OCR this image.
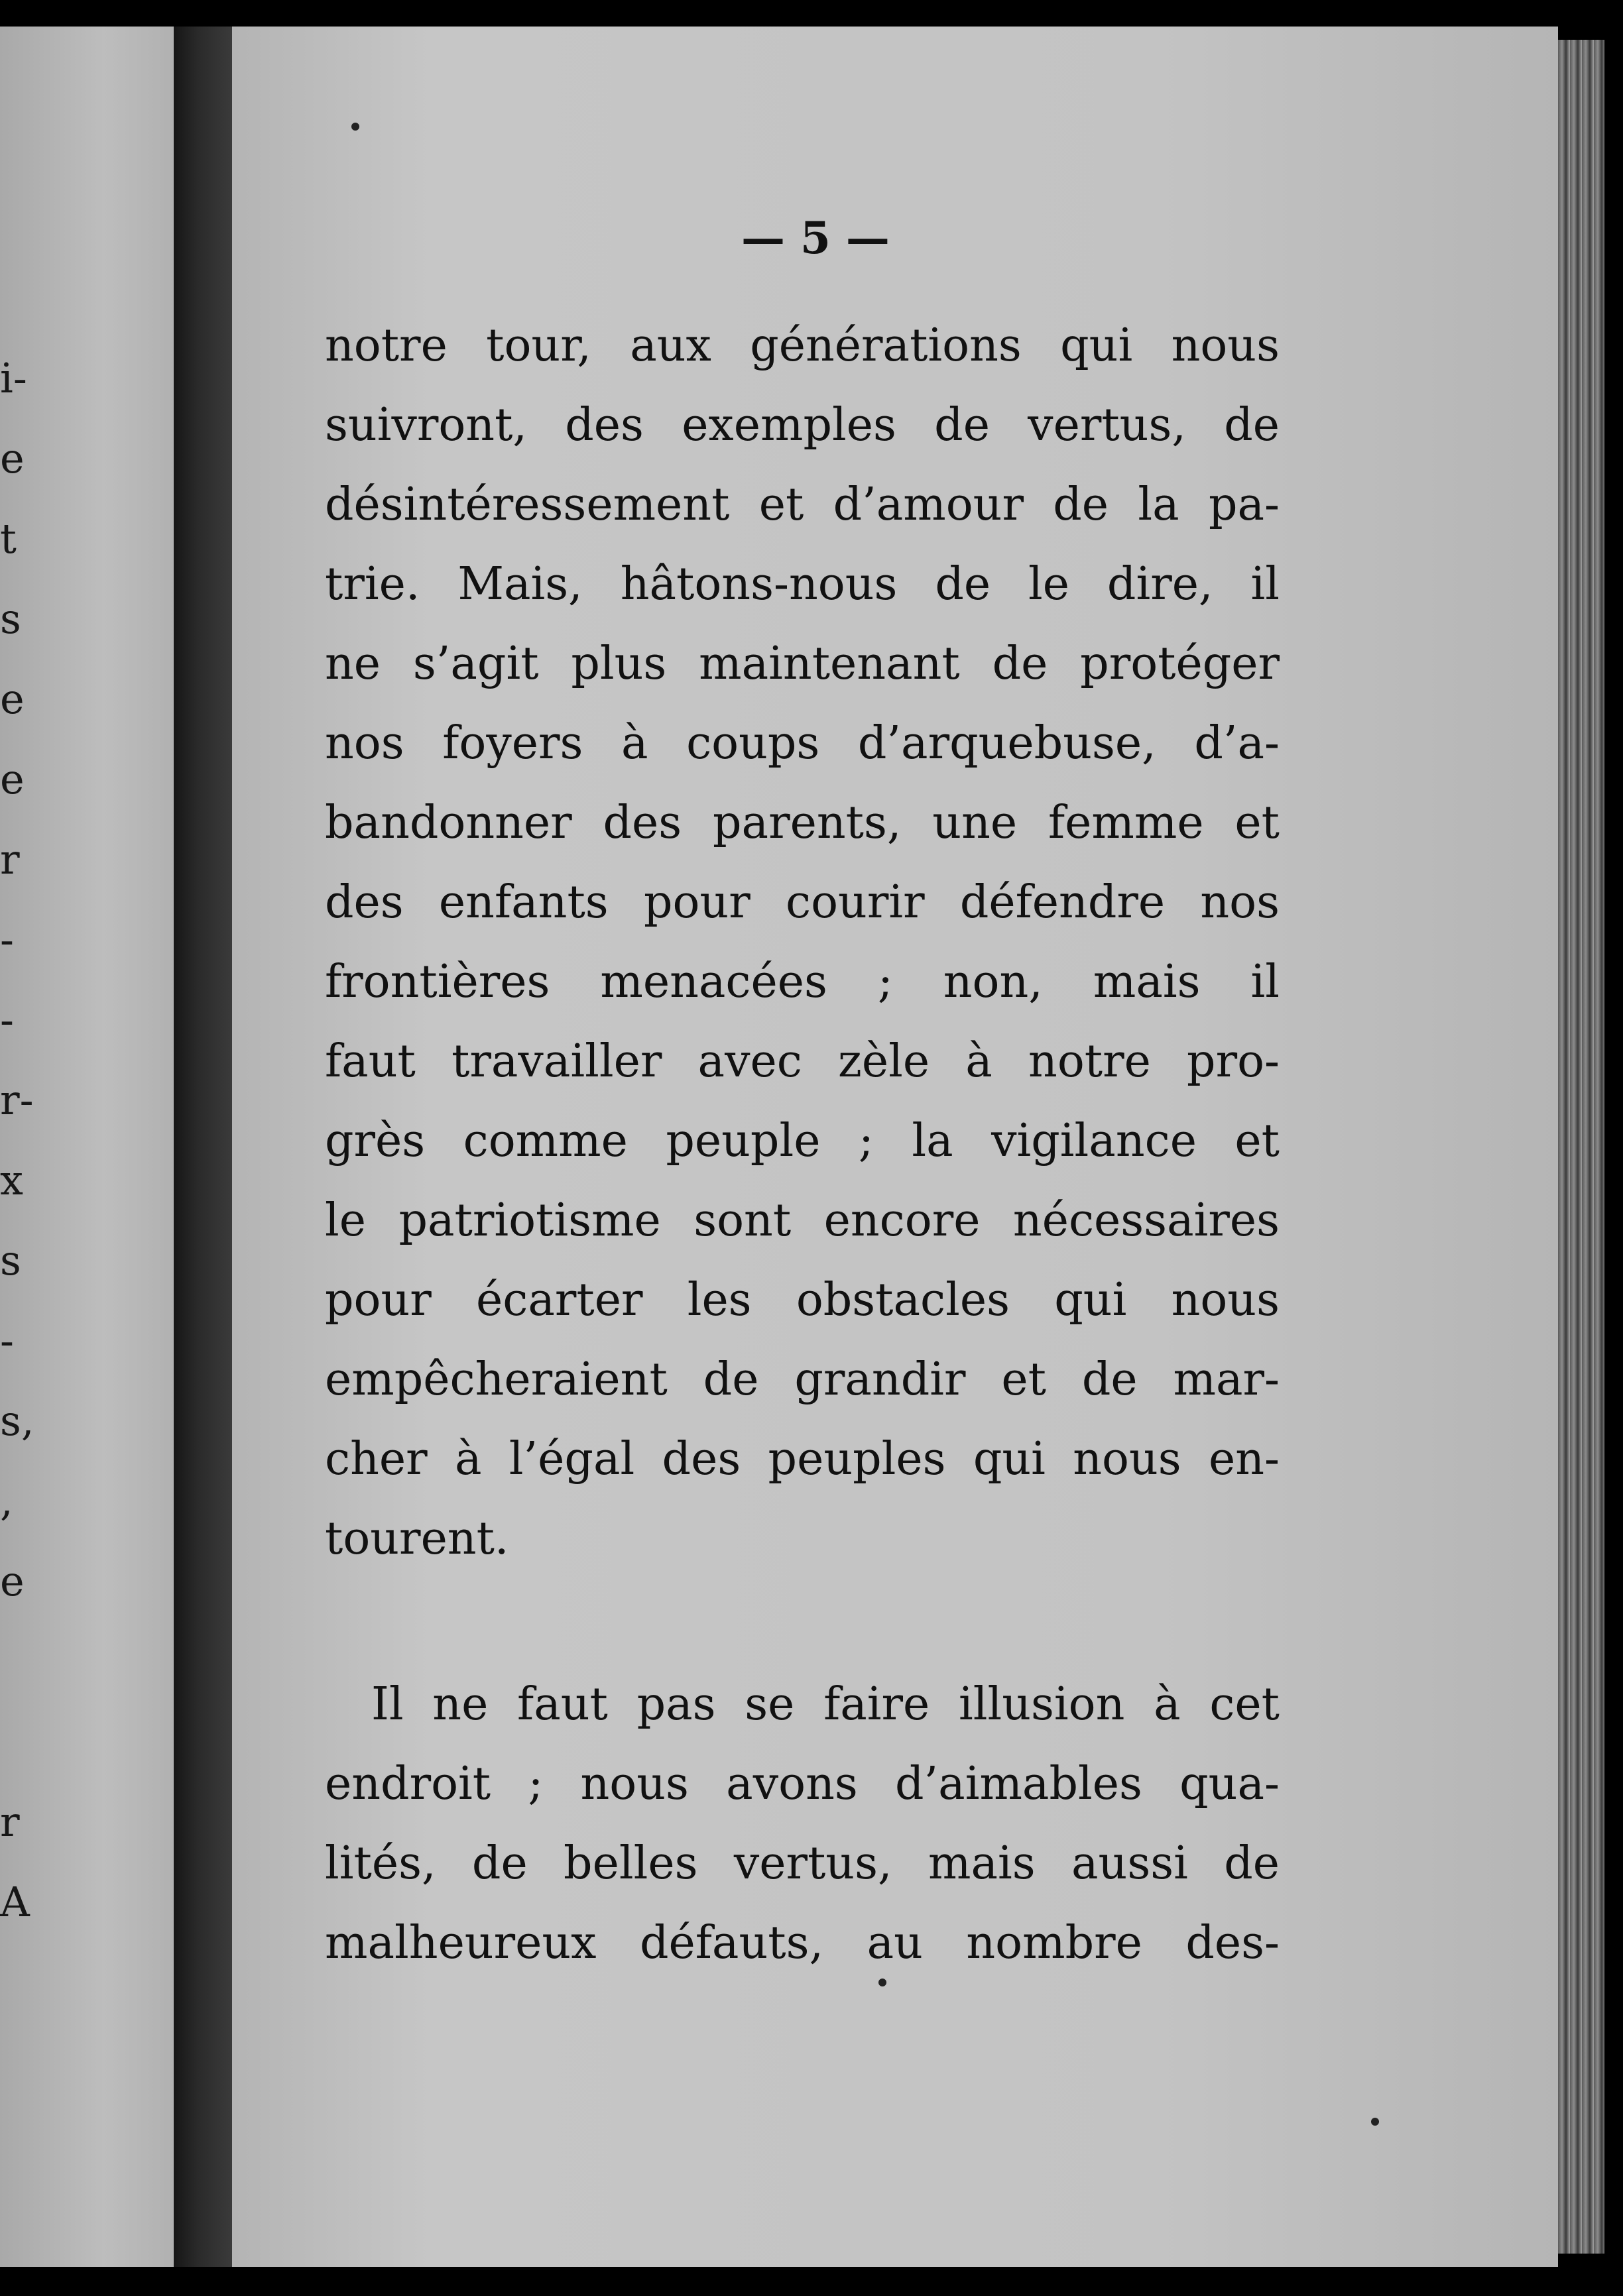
i-
e
t
s
e
e
r
-
-
r-
x
s
-
s,
,
e
r
A
— 5 —
notre tour, aux générations qui nous
suivront, des exemples de vertus, de
désintéressement et d’amour de la pa-
trie. Mais, hâtons-nous de le dire, il
ne s’agit plus maintenant de protéger
nos foyers à coups d’arquebuse, d’a-
bandonner des parents, une femme et
des enfants pour courir défendre nos
frontières menacées ; non, mais il
faut travailler avec zèle à notre pro-
grès comme peuple ; la vigilance et
le patriotisme sont encore nécessaires
pour écarter les obstacles qui nous
empêcheraient de grandir et de mar-
cher à l’égal des peuples qui nous en-
tourent.
Il ne faut pas se faire illusion à cet
endroit ; nous avons d’aimables qua-
lités, de belles vertus, mais aussi de
malheureux défauts, au nombre des-
